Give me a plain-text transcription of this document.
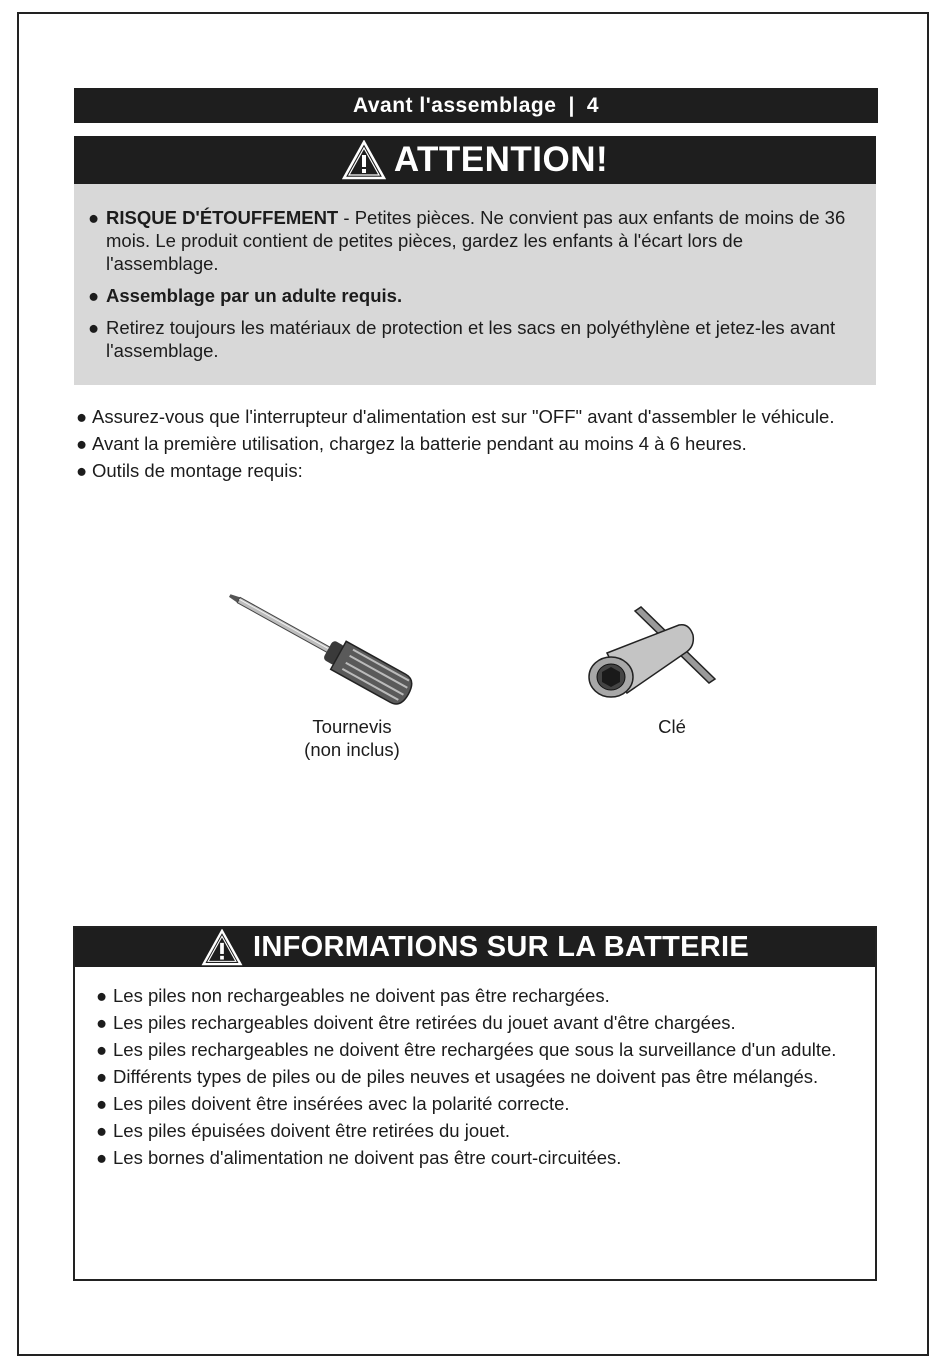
Avant l'assemblage | 4
ATTENTION!
● RISQUE D'ÉTOUFFEMENT - Petites pièces. Ne convient pas aux enfants de moins de 36 mois. Le produit contient de petites pièces, gardez les enfants à l'écart lors de l'assemblage.
● Assemblage par un adulte requis.
● Retirez toujours les matériaux de protection et les sacs en polyéthylène et jetez-les avant l'assemblage.
● Assurez-vous que l'interrupteur d'alimentation est sur "OFF" avant d'assembler le véhicule.
● Avant la première utilisation, chargez la batterie pendant au moins 4 à 6 heures.
● Outils de montage requis:
Tournevis
(non inclus)
Clé
INFORMATIONS SUR LA BATTERIE
● Les piles non rechargeables ne doivent pas être rechargées.
● Les piles rechargeables doivent être retirées du jouet avant d'être chargées.
● Les piles rechargeables ne doivent être rechargées que sous la surveillance d'un adulte.
● Différents types de piles ou de piles neuves et usagées ne doivent pas être mélangés.
● Les piles doivent être insérées avec la polarité correcte.
● Les piles épuisées doivent être retirées du jouet.
● Les bornes d'alimentation ne doivent pas être court-circuitées.
